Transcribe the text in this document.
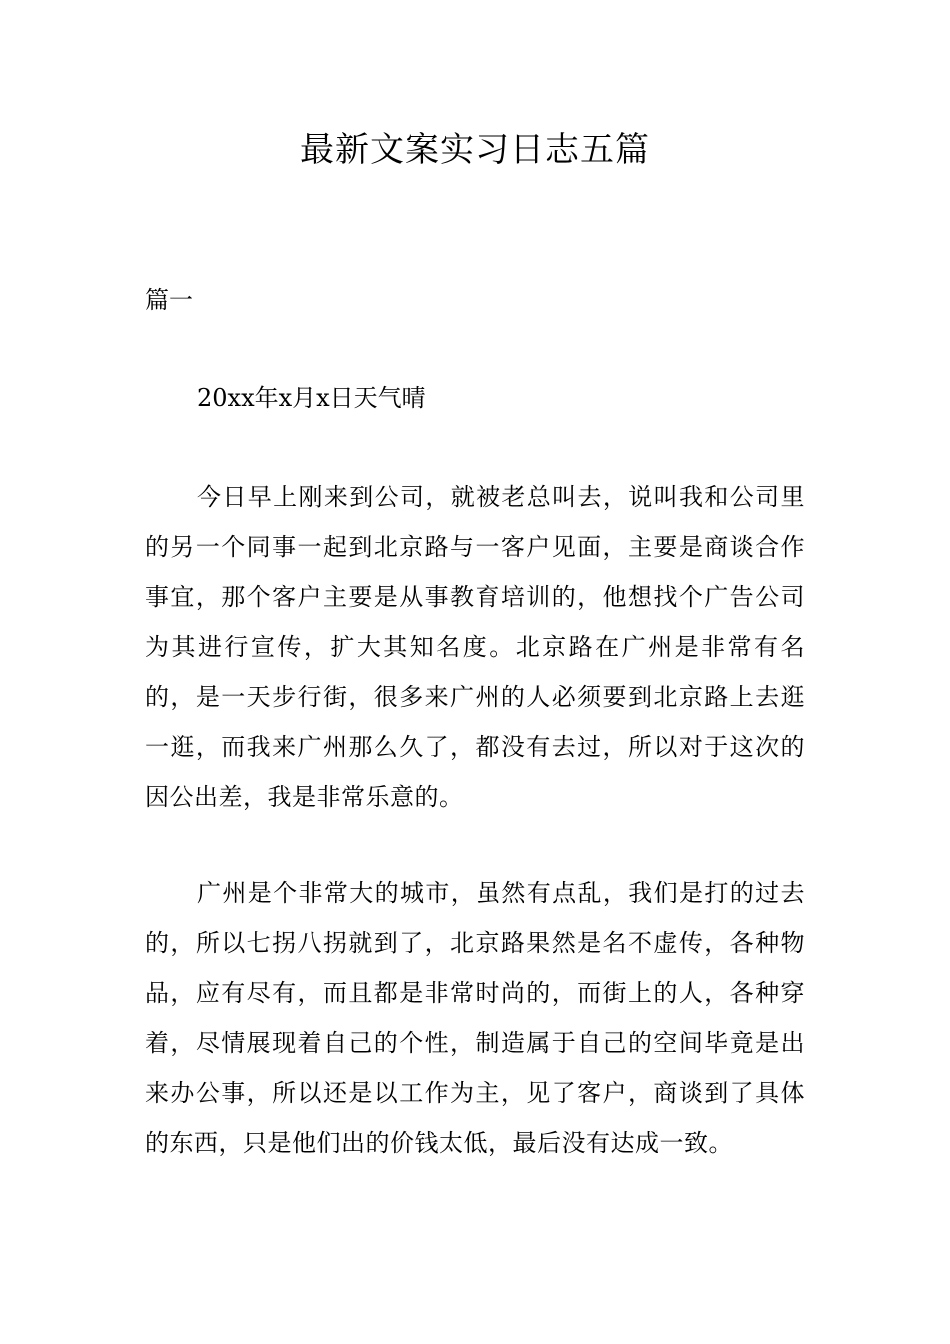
最新文案实习日志五篇

篇一

20xx年x月x日天气晴

今日早上刚来到公司，就被老总叫去，说叫我和公司里的另一个同事一起到北京路与一客户见面，主要是商谈合作事宜，那个客户主要是从事教育培训的，他想找个广告公司为其进行宣传，扩大其知名度。北京路在广州是非常有名的，是一天步行街，很多来广州的人必须要到北京路上去逛一逛，而我来广州那么久了，都没有去过，所以对于这次的因公出差，我是非常乐意的。

广州是个非常大的城市，虽然有点乱，我们是打的过去的，所以七拐八拐就到了，北京路果然是名不虚传，各种物品，应有尽有，而且都是非常时尚的，而街上的人，各种穿着，尽情展现着自己的个性，制造属于自己的空间毕竟是出来办公事，所以还是以工作为主，见了客户，商谈到了具体的东西，只是他们出的价钱太低，最后没有达成一致。
